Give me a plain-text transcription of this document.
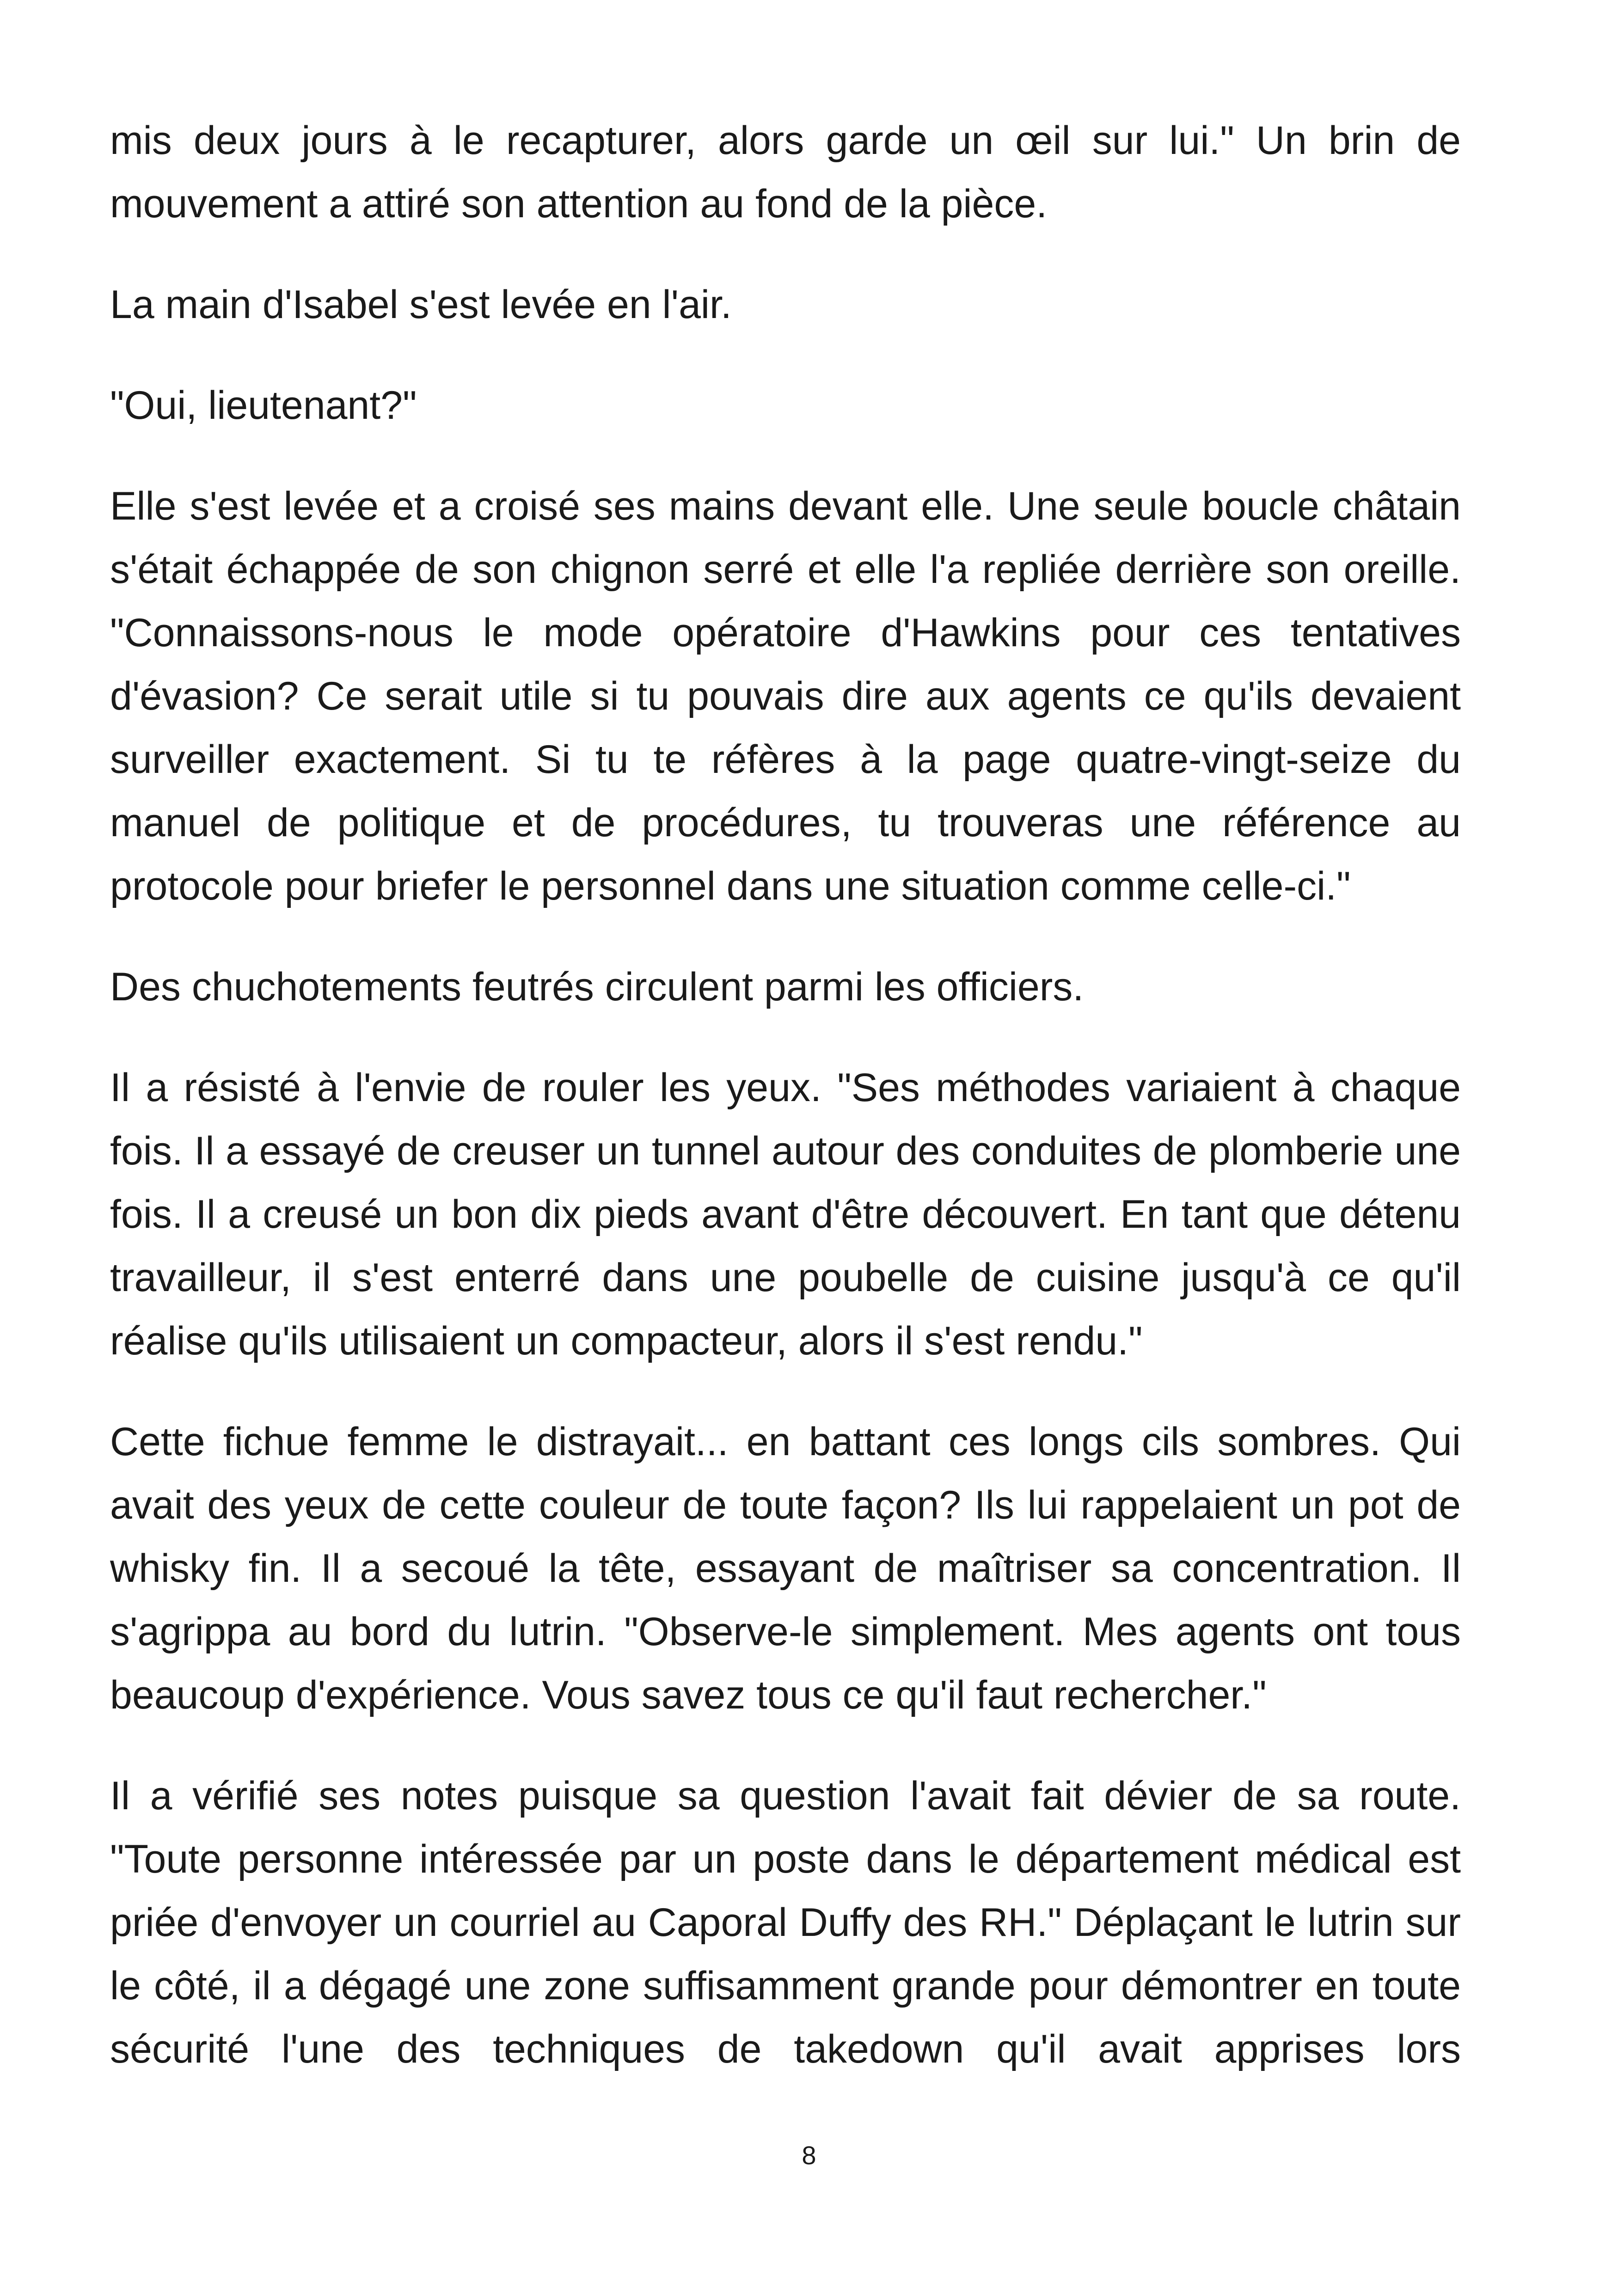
mis deux jours à le recapturer, alors garde un œil sur lui." Un brin de mouvement a attiré son attention au fond de la pièce.

La main d'Isabel s'est levée en l'air.

"Oui, lieutenant?"

Elle s'est levée et a croisé ses mains devant elle. Une seule boucle châtain s'était échappée de son chignon serré et elle l'a repliée derrière son oreille. "Connaissons-nous le mode opératoire d'Hawkins pour ces tentatives d'évasion? Ce serait utile si tu pouvais dire aux agents ce qu'ils devaient surveiller exactement. Si tu te réfères à la page quatre-vingt-seize du manuel de politique et de procédures, tu trouveras une référence au protocole pour briefer le personnel dans une situation comme celle-ci."

Des chuchotements feutrés circulent parmi les officiers.

Il a résisté à l'envie de rouler les yeux. "Ses méthodes variaient à chaque fois. Il a essayé de creuser un tunnel autour des conduites de plomberie une fois. Il a creusé un bon dix pieds avant d'être découvert. En tant que détenu travailleur, il s'est enterré dans une poubelle de cuisine jusqu'à ce qu'il réalise qu'ils utilisaient un compacteur, alors il s'est rendu."

Cette fichue femme le distrayait... en battant ces longs cils sombres. Qui avait des yeux de cette couleur de toute façon? Ils lui rappelaient un pot de whisky fin. Il a secoué la tête, essayant de maîtriser sa concentration. Il s'agrippa au bord du lutrin. "Observe-le simplement. Mes agents ont tous beaucoup d'expérience. Vous savez tous ce qu'il faut rechercher."

Il a vérifié ses notes puisque sa question l'avait fait dévier de sa route. "Toute personne intéressée par un poste dans le département médical est priée d'envoyer un courriel au Caporal Duffy des RH." Déplaçant le lutrin sur le côté, il a dégagé une zone suffisamment grande pour démontrer en toute sécurité l'une des techniques de takedown qu'il avait apprises lors

8
